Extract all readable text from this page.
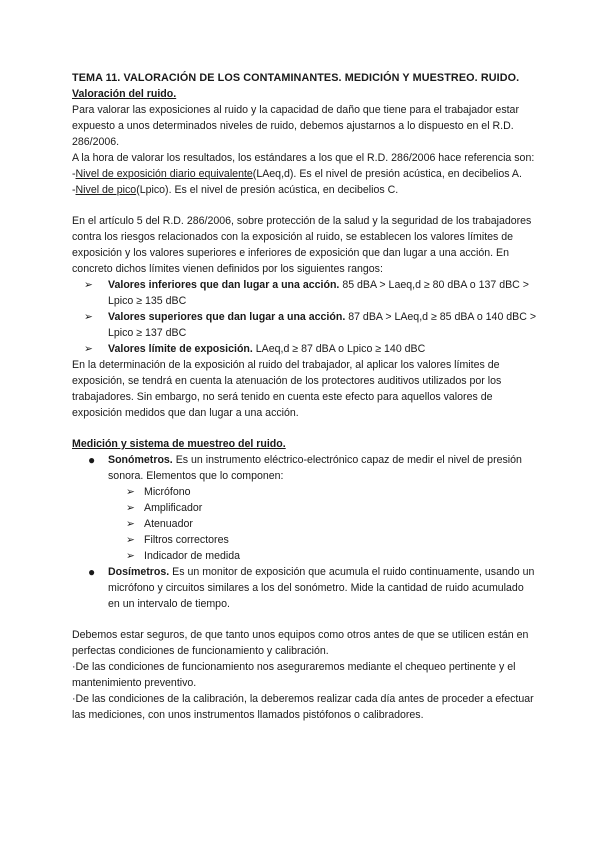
TEMA 11. VALORACIÓN DE LOS CONTAMINANTES. MEDICIÓN Y MUESTREO. RUIDO.

Valoración del ruido.

Para valorar las exposiciones al ruido y la capacidad de daño que tiene para el trabajador estar expuesto a unos determinados niveles de ruido, debemos ajustarnos a lo dispuesto en el R.D. 286/2006.

A la hora de valorar los resultados, los estándares a los que el R.D. 286/2006 hace referencia son:

-Nivel de exposición diario equivalente(LAeq,d). Es el nivel de presión acústica, en decibelios A.

-Nivel de pico(Lpico). Es el nivel de presión acústica, en decibelios C.

En el artículo 5 del R.D. 286/2006, sobre protección de la salud y la seguridad de los trabajadores contra los riesgos relacionados con la exposición al ruido, se establecen los valores límites de exposición y los valores superiores e inferiores de exposición que dan lugar a una acción. En concreto dichos límites vienen definidos por los siguientes rangos:

➢ Valores inferiores que dan lugar a una acción. 85 dBA > Laeq,d ≥ 80 dBA o 137 dBC > Lpico ≥ 135 dBC
➢ Valores superiores que dan lugar a una acción. 87 dBA > LAeq,d ≥ 85 dBA o 140 dBC > Lpico ≥ 137 dBC
➢ Valores límite de exposición. LAeq,d ≥ 87 dBA o Lpico ≥ 140 dBC

En la determinación de la exposición al ruido del trabajador, al aplicar los valores límites de exposición, se tendrá en cuenta la atenuación de los protectores auditivos utilizados por los trabajadores. Sin embargo, no será tenido en cuenta este efecto para aquellos valores de exposición medidos que dan lugar a una acción.

Medición y sistema de muestreo del ruido.

● Sonómetros. Es un instrumento eléctrico-electrónico capaz de medir el nivel de presión sonora. Elementos que lo componen:
➢ Micrófono
➢ Amplificador
➢ Atenuador
➢ Filtros correctores
➢ Indicador de medida
● Dosímetros. Es un monitor de exposición que acumula el ruido continuamente, usando un micrófono y circuitos similares a los del sonómetro. Mide la cantidad de ruido acumulado en un intervalo de tiempo.

Debemos estar seguros, de que tanto unos equipos como otros antes de que se utilicen están en perfectas condiciones de funcionamiento y calibración.

·De las condiciones de funcionamiento nos aseguraremos mediante el chequeo pertinente y el mantenimiento preventivo.

·De las condiciones de la calibración, la deberemos realizar cada día antes de proceder a efectuar las mediciones, con unos instrumentos llamados pistófonos o calibradores.
